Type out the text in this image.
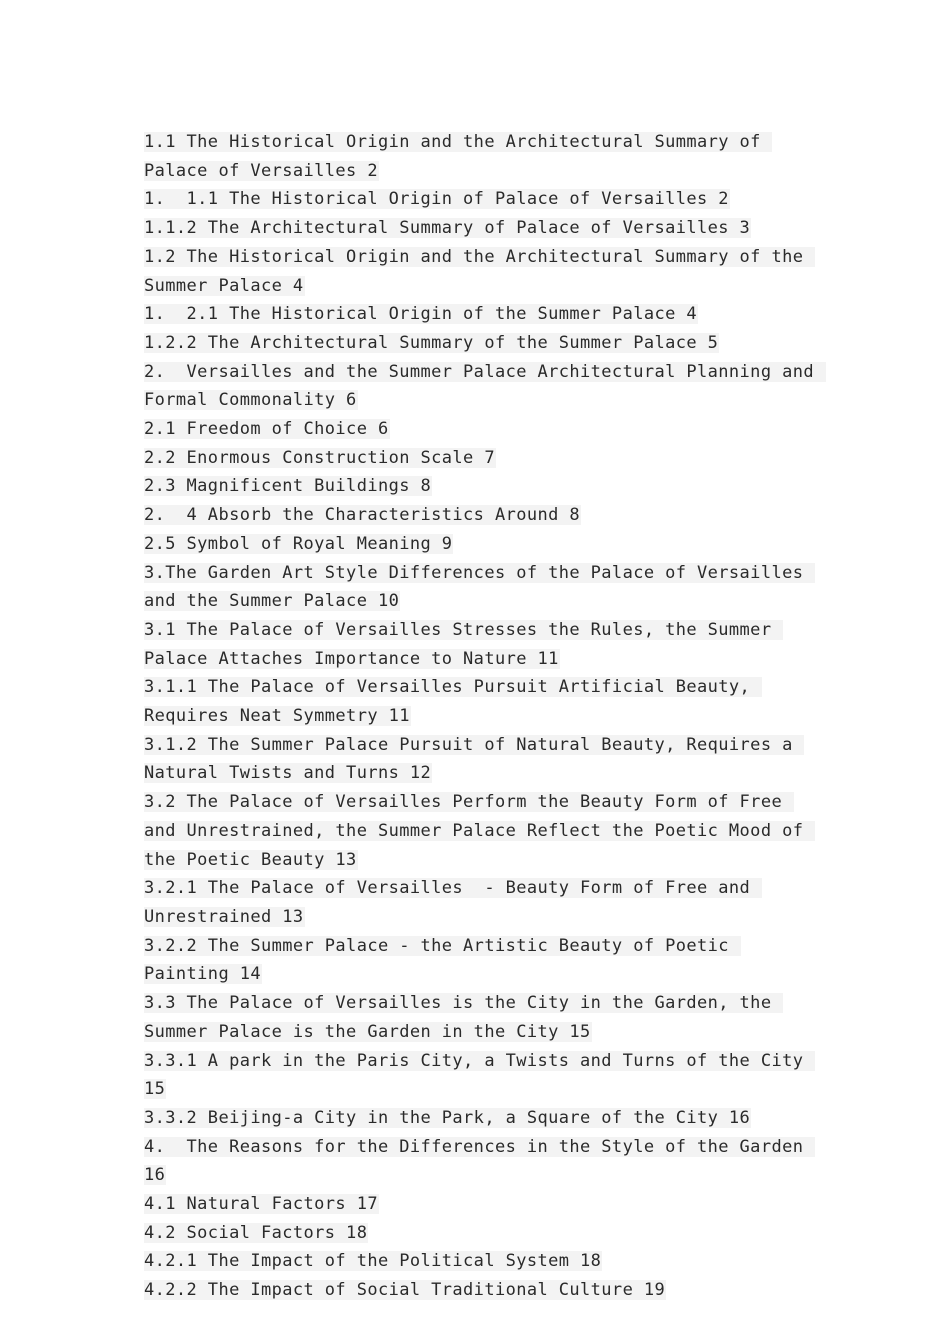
1.1 The Historical Origin and the Architectural Summary of Palace of Versailles 2
1.  1.1 The Historical Origin of Palace of Versailles 2
1.1.2 The Architectural Summary of Palace of Versailles 3
1.2 The Historical Origin and the Architectural Summary of the Summer Palace 4
1.  2.1 The Historical Origin of the Summer Palace 4
1.2.2 The Architectural Summary of the Summer Palace 5
2.  Versailles and the Summer Palace Architectural Planning and Formal Commonality 6
2.1 Freedom of Choice 6
2.2 Enormous Construction Scale 7
2.3 Magnificent Buildings 8
2.  4 Absorb the Characteristics Around 8
2.5 Symbol of Royal Meaning 9
3.The Garden Art Style Differences of the Palace of Versailles and the Summer Palace 10
3.1 The Palace of Versailles Stresses the Rules, the Summer Palace Attaches Importance to Nature 11
3.1.1 The Palace of Versailles Pursuit Artificial Beauty, Requires Neat Symmetry 11
3.1.2 The Summer Palace Pursuit of Natural Beauty, Requires a Natural Twists and Turns 12
3.2 The Palace of Versailles Perform the Beauty Form of Free and Unrestrained, the Summer Palace Reflect the Poetic Mood of the Poetic Beauty 13
3.2.1 The Palace of Versailles  - Beauty Form of Free and Unrestrained 13
3.2.2 The Summer Palace - the Artistic Beauty of Poetic Painting 14
3.3 The Palace of Versailles is the City in the Garden, the Summer Palace is the Garden in the City 15
3.3.1 A park in the Paris City, a Twists and Turns of the City 15
3.3.2 Beijing-a City in the Park, a Square of the City 16
4.  The Reasons for the Differences in the Style of the Garden 16
4.1 Natural Factors 17
4.2 Social Factors 18
4.2.1 The Impact of the Political System 18
4.2.2 The Impact of Social Traditional Culture 19
